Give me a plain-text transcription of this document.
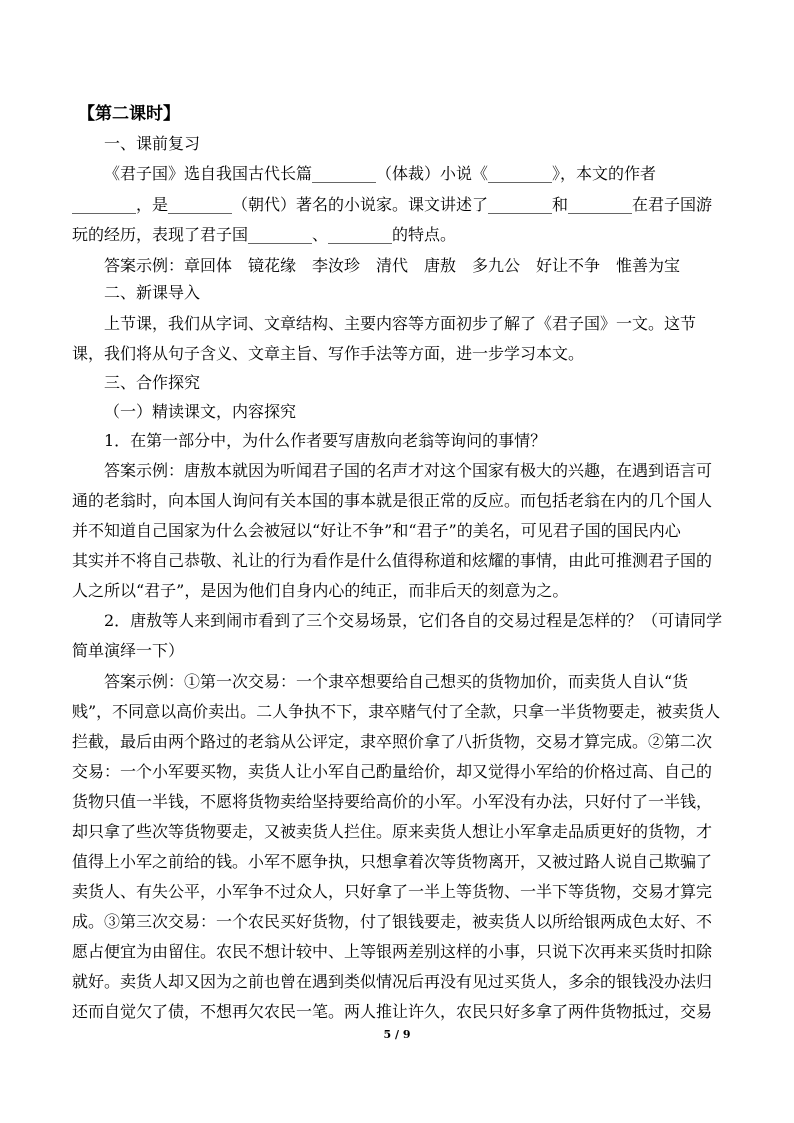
【第二课时】
一、课前复习
《君子国》选自我国古代长篇________（体裁）小说《________》，本文的作者
________，是________（朝代）著名的小说家。课文讲述了________和________在君子国游
玩的经历，表现了君子国________、________的特点。
答案示例：章回体　镜花缘　李汝珍　清代　唐敖　多九公　好让不争　惟善为宝
二、新课导入
上节课，我们从字词、文章结构、主要内容等方面初步了解了《君子国》一文。这节
课，我们将从句子含义、文章主旨、写作手法等方面，进一步学习本文。
三、合作探究
（一）精读课文，内容探究
1．在第一部分中，为什么作者要写唐敖向老翁等询问的事情？
答案示例：唐敖本就因为听闻君子国的名声才对这个国家有极大的兴趣，在遇到语言可
通的老翁时，向本国人询问有关本国的事本就是很正常的反应。而包括老翁在内的几个国人
并不知道自己国家为什么会被冠以“好让不争”和“君子”的美名，可见君子国的国民内心
其实并不将自己恭敬、礼让的行为看作是什么值得称道和炫耀的事情，由此可推测君子国的
人之所以“君子”，是因为他们自身内心的纯正，而非后天的刻意为之。
2．唐敖等人来到闹市看到了三个交易场景，它们各自的交易过程是怎样的？（可请同学
简单演绎一下）
答案示例：①第一次交易：一个隶卒想要给自己想买的货物加价，而卖货人自认“货
贱”，不同意以高价卖出。二人争执不下，隶卒赌气付了全款，只拿一半货物要走，被卖货人
拦截，最后由两个路过的老翁从公评定，隶卒照价拿了八折货物，交易才算完成。②第二次
交易：一个小军要买物，卖货人让小军自己酌量给价，却又觉得小军给的价格过高、自己的
货物只值一半钱，不愿将货物卖给坚持要给高价的小军。小军没有办法，只好付了一半钱，
却只拿了些次等货物要走，又被卖货人拦住。原来卖货人想让小军拿走品质更好的货物，才
值得上小军之前给的钱。小军不愿争执，只想拿着次等货物离开，又被过路人说自己欺骗了
卖货人、有失公平，小军争不过众人，只好拿了一半上等货物、一半下等货物，交易才算完
成。③第三次交易：一个农民买好货物，付了银钱要走，被卖货人以所给银两成色太好、不
愿占便宜为由留住。农民不想计较中、上等银两差别这样的小事，只说下次再来买货时扣除
就好。卖货人却又因为之前也曾在遇到类似情况后再没有见过买货人，多余的银钱没办法归
还而自觉欠了债，不想再欠农民一笔。两人推让许久，农民只好多拿了两件货物抵过，交易
5 / 9
